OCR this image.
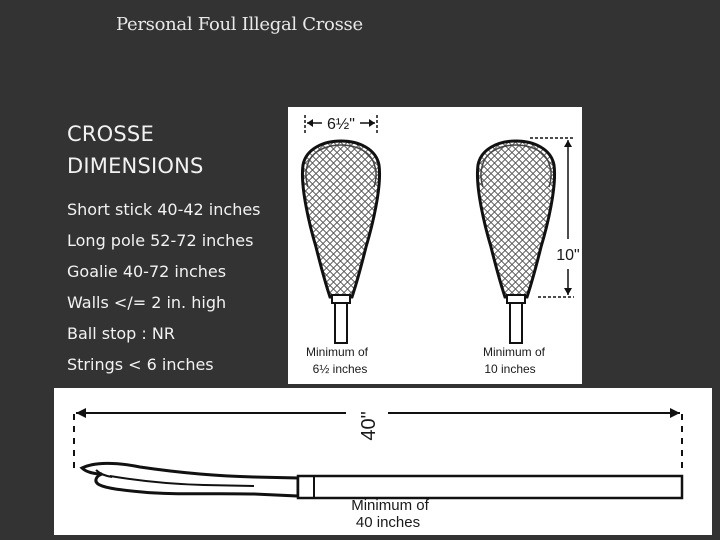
Personal Foul Illegal Crosse
CROSSE
DIMENSIONS
Short stick 40-42 inches
Long pole 52-72 inches
Goalie 40-72 inches
Walls </= 2 in. high
Ball stop : NR
Strings < 6 inches
6½"
10"
Minimum of
6½ inches
Minimum of
10 inches
40"
Minimum of
40 inches
